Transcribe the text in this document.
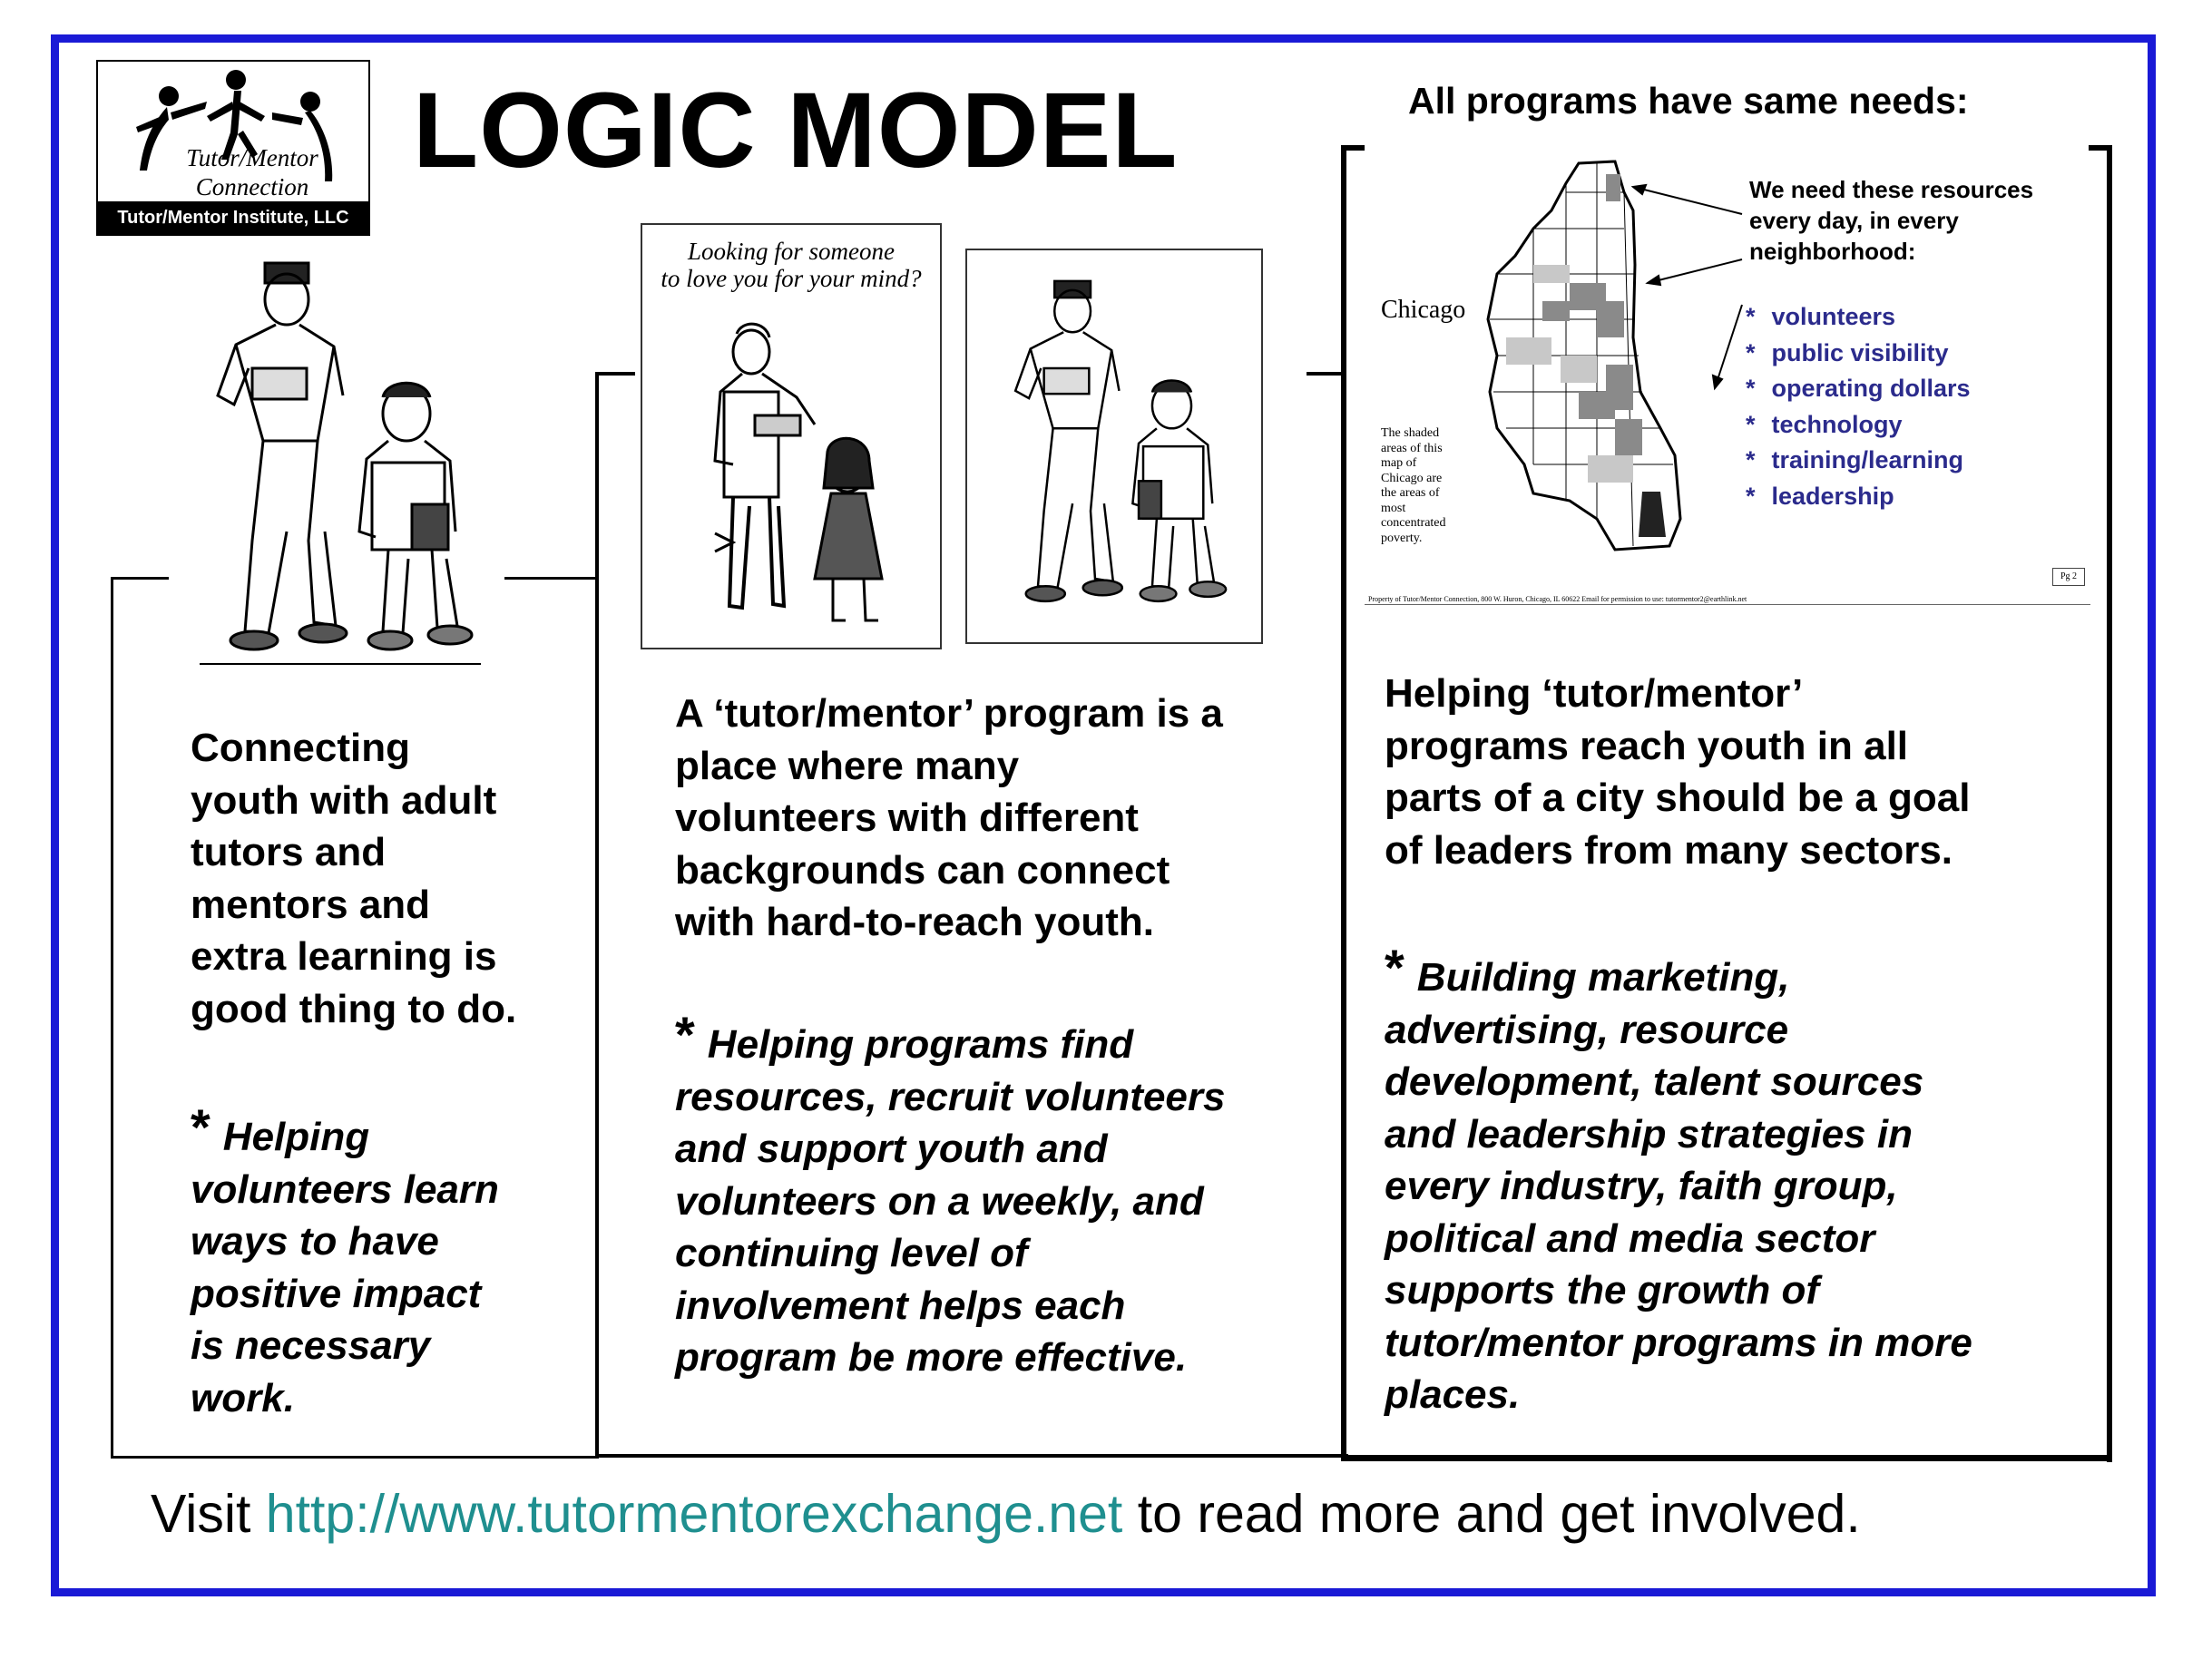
Tutor/Mentor
Connection
Tutor/Mentor Institute, LLC
LOGIC MODEL	All programs have same needs:
Connecting
youth with adult
tutors and
mentors and
extra learning is
good thing to do.
* Helping
volunteers learn
ways to have
positive impact
is necessary
work.
Looking for someone
to love you for your mind?
A ‘tutor/mentor’ program is a
place where many
volunteers with different
backgrounds can connect
with hard-to-reach youth.
* Helping programs find
resources, recruit volunteers
and support youth and
volunteers on a weekly, and
continuing level of
involvement helps each
program be more effective.
Chicago
The shaded
areas of this
map of
Chicago are
the areas of
most
concentrated
poverty.
We need these resources
every day, in every
neighborhood:
* volunteers
* public visibility
* operating dollars
* technology
* training/learning
* leadership
Pg 2
Property of Tutor/Mentor Connection, 800 W. Huron, Chicago, IL 60622 Email for permission to use: tutormentor2@earthlink.net
Helping ‘tutor/mentor’
programs reach youth in all
parts of a city should be a goal
of leaders from many sectors.
* Building marketing,
advertising, resource
development, talent sources
and leadership strategies in
every industry, faith group,
political and media sector
supports the growth of
tutor/mentor programs in more
places.
Visit http://www.tutormentorexchange.net to read more and get involved.
